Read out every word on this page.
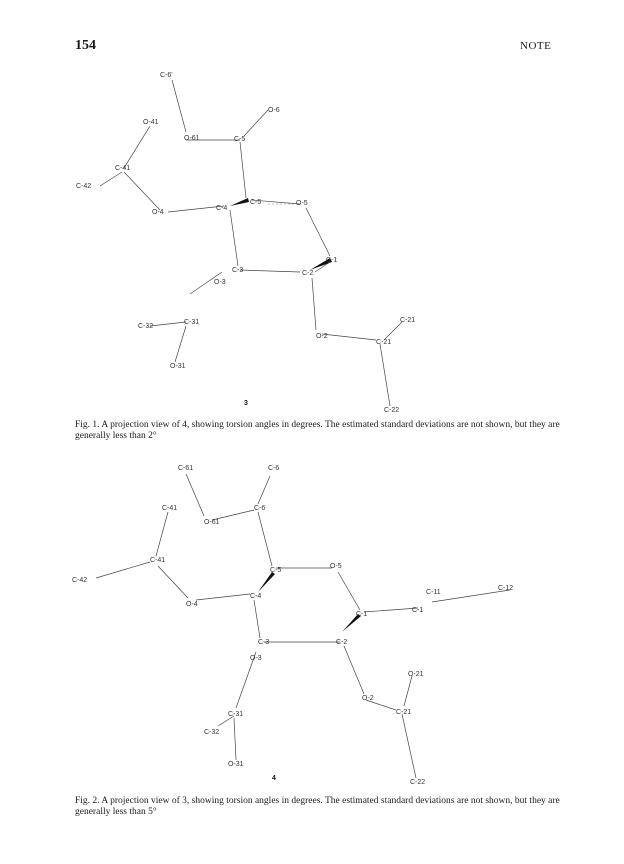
154	NOTE
C-6'
O-6
O-41
O-61	C-5
C-41
C-42
O-4
C-4
C-5	O-5
C-1
C-3	C-2
O-3
C-21
C-32
C-31
O-2
C-21
O-31
C-22
3
Fig. 1. A projection view of 4, showing torsion angles in degrees. The estimated standard deviations are not shown, but they are generally less than 2°
C-61	C-6
C-41
O-61
C-6
C-41
C-42
C-5
O-5
C-11
C-12
C-4
C-1
O-4
C-1
C-3	C-2
O-3
O-21
C-31
O-2
C-32
C-21
O-31
C-22
4
Fig. 2. A projection view of 3, showing torsion angles in degrees. The estimated standard deviations are not shown, but they are generally less than 5°
